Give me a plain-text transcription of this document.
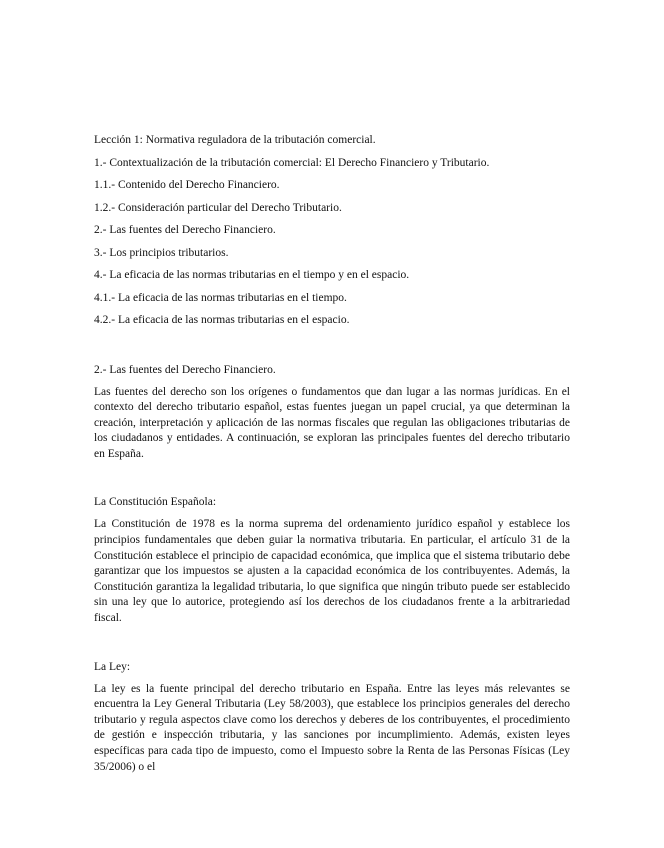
Lección 1: Normativa reguladora de la tributación comercial.

1.- Contextualización de la tributación comercial: El Derecho Financiero y Tributario.

1.1.- Contenido del Derecho Financiero.

1.2.- Consideración particular del Derecho Tributario.

2.- Las fuentes del Derecho Financiero.

3.- Los principios tributarios.

4.- La eficacia de las normas tributarias en el tiempo y en el espacio.

4.1.- La eficacia de las normas tributarias en el tiempo.

4.2.- La eficacia de las normas tributarias en el espacio.

2.- Las fuentes del Derecho Financiero.

Las fuentes del derecho son los orígenes o fundamentos que dan lugar a las normas jurídicas. En el contexto del derecho tributario español, estas fuentes juegan un papel crucial, ya que determinan la creación, interpretación y aplicación de las normas fiscales que regulan las obligaciones tributarias de los ciudadanos y entidades. A continuación, se exploran las principales fuentes del derecho tributario en España.

La Constitución Española:

La Constitución de 1978 es la norma suprema del ordenamiento jurídico español y establece los principios fundamentales que deben guiar la normativa tributaria. En particular, el artículo 31 de la Constitución establece el principio de capacidad económica, que implica que el sistema tributario debe garantizar que los impuestos se ajusten a la capacidad económica de los contribuyentes. Además, la Constitución garantiza la legalidad tributaria, lo que significa que ningún tributo puede ser establecido sin una ley que lo autorice, protegiendo así los derechos de los ciudadanos frente a la arbitrariedad fiscal.

La Ley:

La ley es la fuente principal del derecho tributario en España. Entre las leyes más relevantes se encuentra la Ley General Tributaria (Ley 58/2003), que establece los principios generales del derecho tributario y regula aspectos clave como los derechos y deberes de los contribuyentes, el procedimiento de gestión e inspección tributaria, y las sanciones por incumplimiento. Además, existen leyes específicas para cada tipo de impuesto, como el Impuesto sobre la Renta de las Personas Físicas (Ley 35/2006) o el
